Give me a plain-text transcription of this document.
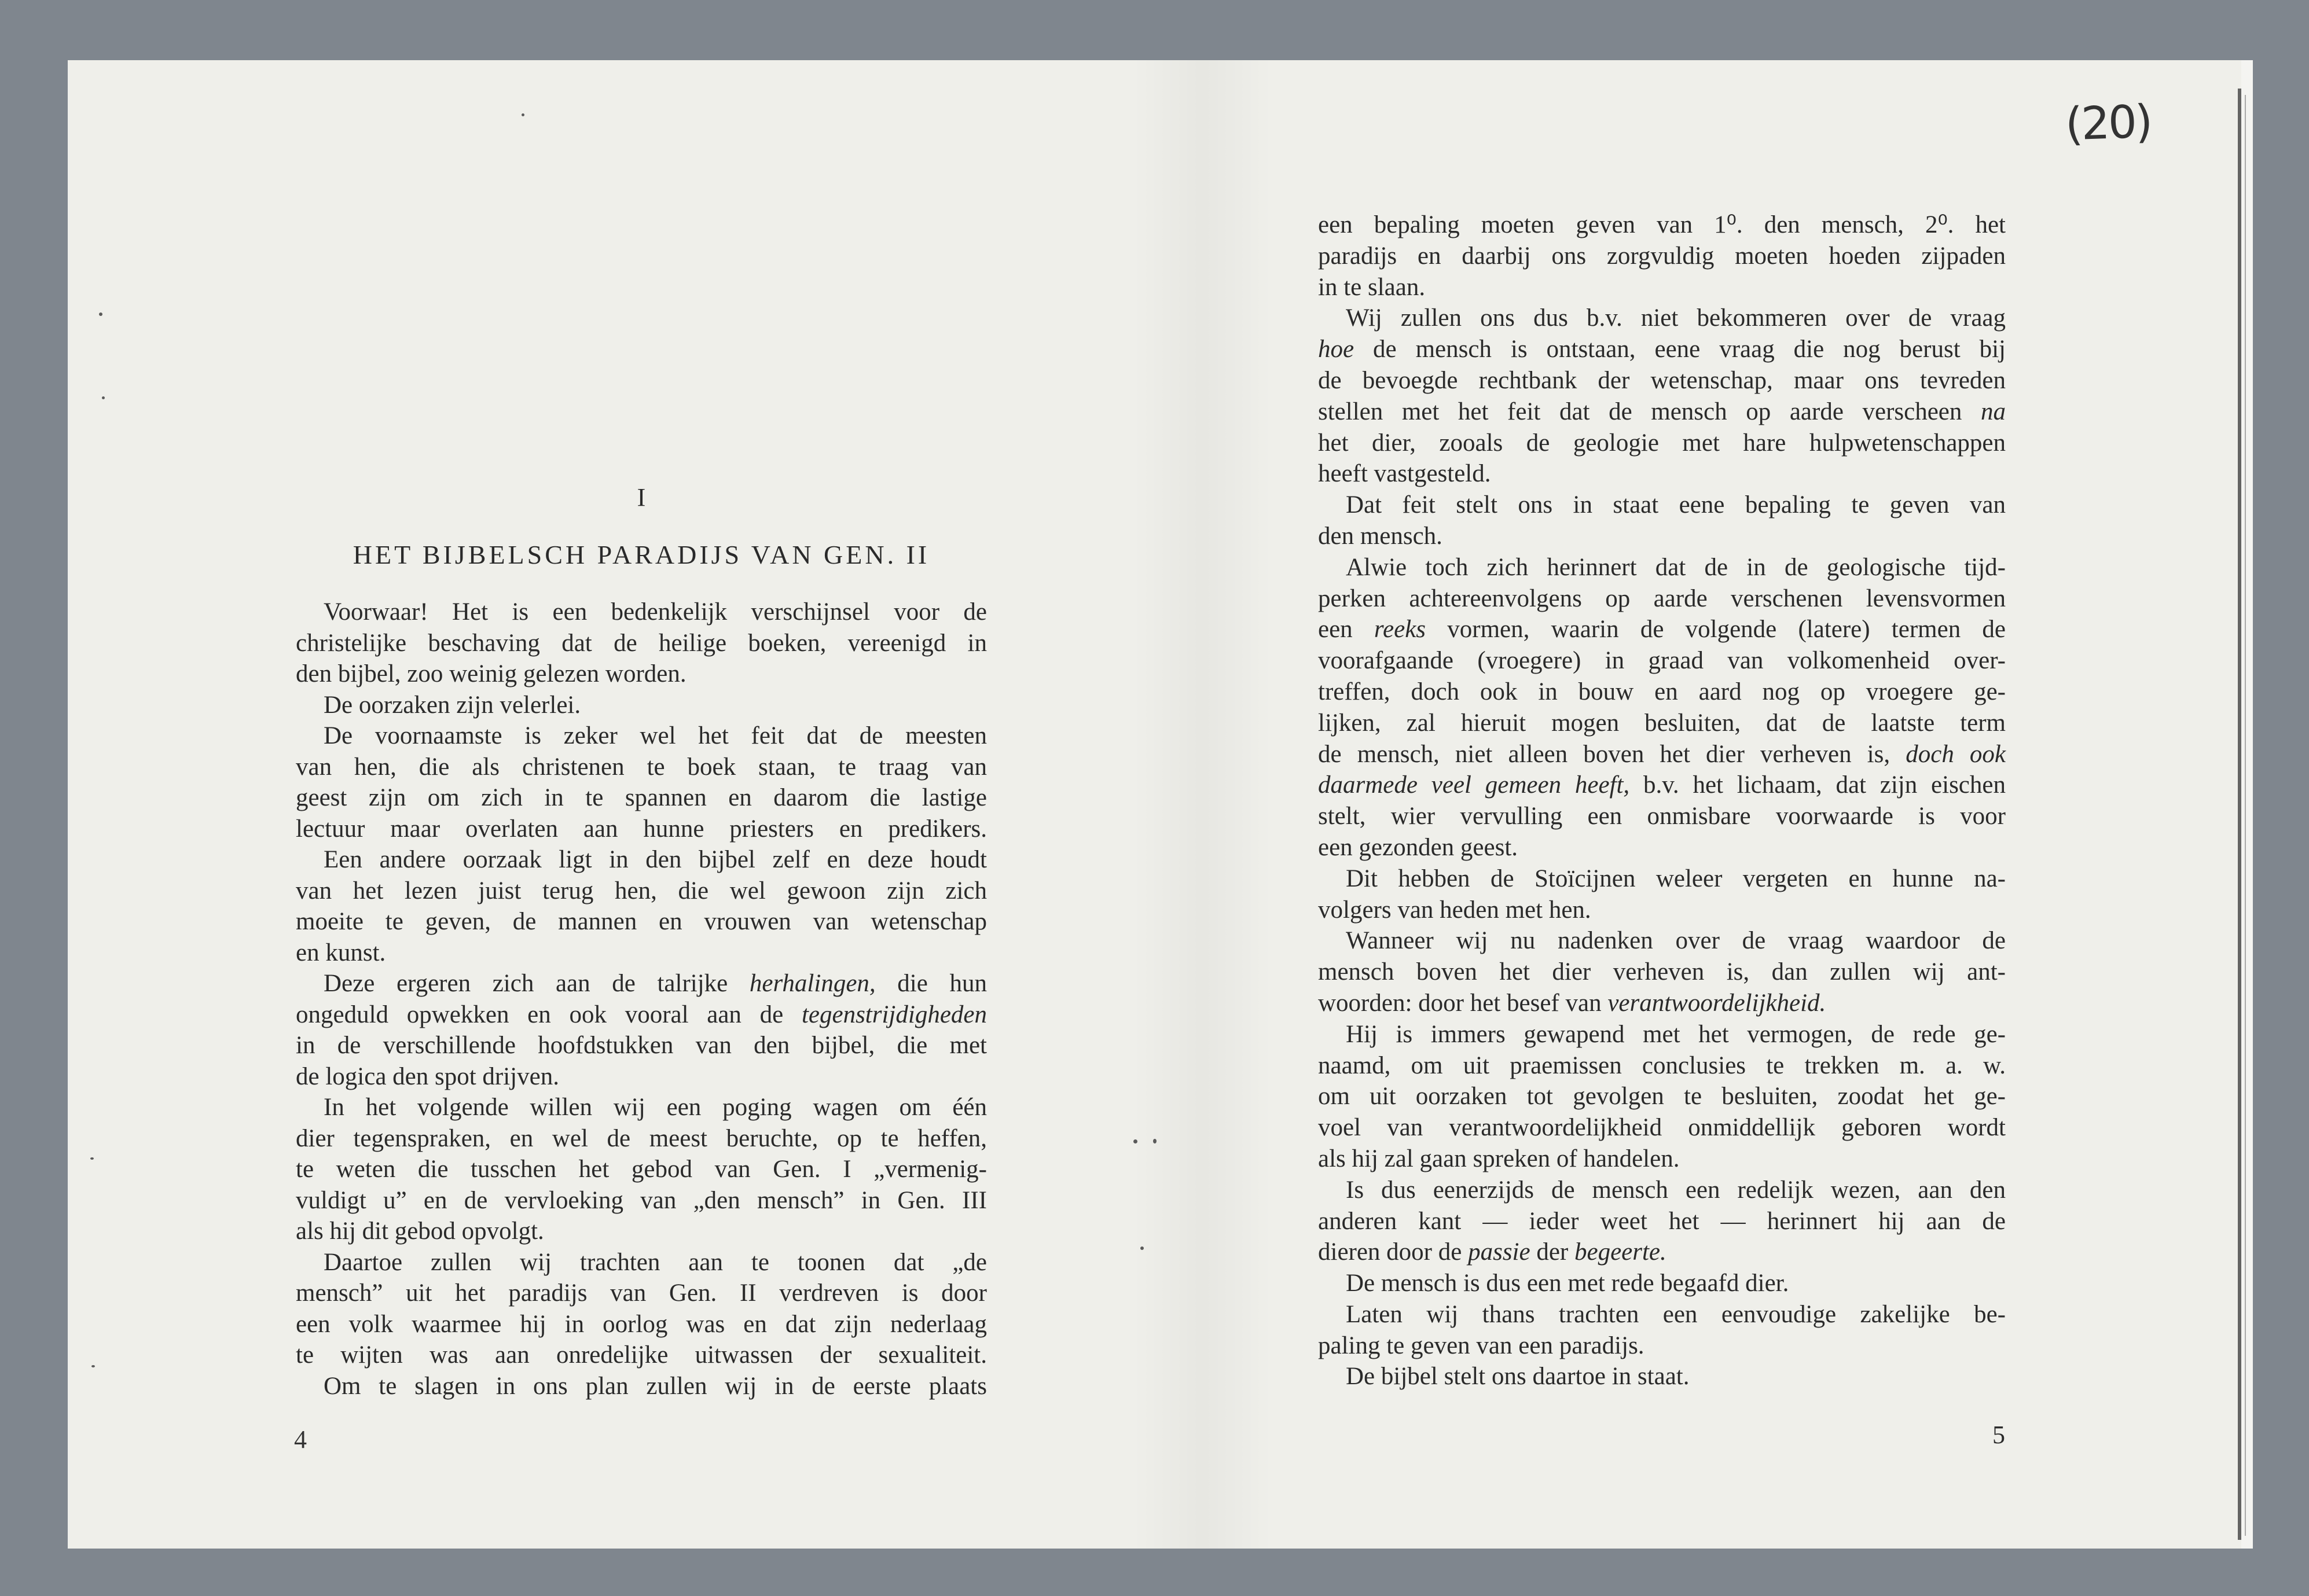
I
HET BIJBELSCH PARADIJS VAN GEN. II
Voorwaar! Het is een bedenkelijk verschijnsel voor de
christelijke beschaving dat de heilige boeken, vereenigd in
den bijbel, zoo weinig gelezen worden.
De oorzaken zijn velerlei.
De voornaamste is zeker wel het feit dat de meesten
van hen, die als christenen te boek staan, te traag van
geest zijn om zich in te spannen en daarom die lastige
lectuur maar overlaten aan hunne priesters en predikers.
Een andere oorzaak ligt in den bijbel zelf en deze houdt
van het lezen juist terug hen, die wel gewoon zijn zich
moeite te geven, de mannen en vrouwen van wetenschap
en kunst.
Deze ergeren zich aan de talrijke herhalingen, die hun
ongeduld opwekken en ook vooral aan de tegenstrijdigheden
in de verschillende hoofdstukken van den bijbel, die met
de logica den spot drijven.
In het volgende willen wij een poging wagen om één
dier tegenspraken, en wel de meest beruchte, op te heffen,
te weten die tusschen het gebod van Gen. I „vermenig-
vuldigt u” en de vervloeking van „den mensch” in Gen. III
als hij dit gebod opvolgt.
Daartoe zullen wij trachten aan te toonen dat „de
mensch” uit het paradijs van Gen. II verdreven is door
een volk waarmee hij in oorlog was en dat zijn nederlaag
te wijten was aan onredelijke uitwassen der sexualiteit.
Om te slagen in ons plan zullen wij in de eerste plaats
4
een bepaling moeten geven van 1⁰. den mensch, 2⁰. het
paradijs en daarbij ons zorgvuldig moeten hoeden zijpaden
in te slaan.
Wij zullen ons dus b.v. niet bekommeren over de vraag
hoe de mensch is ontstaan, eene vraag die nog berust bij
de bevoegde rechtbank der wetenschap, maar ons tevreden
stellen met het feit dat de mensch op aarde verscheen na
het dier, zooals de geologie met hare hulpwetenschappen
heeft vastgesteld.
Dat feit stelt ons in staat eene bepaling te geven van
den mensch.
Alwie toch zich herinnert dat de in de geologische tijd-
perken achtereenvolgens op aarde verschenen levensvormen
een reeks vormen, waarin de volgende (latere) termen de
voorafgaande (vroegere) in graad van volkomenheid over-
treffen, doch ook in bouw en aard nog op vroegere ge-
lijken, zal hieruit mogen besluiten, dat de laatste term
de mensch, niet alleen boven het dier verheven is, doch ook
daarmede veel gemeen heeft, b.v. het lichaam, dat zijn eischen
stelt, wier vervulling een onmisbare voorwaarde is voor
een gezonden geest.
Dit hebben de Stoïcijnen weleer vergeten en hunne na-
volgers van heden met hen.
Wanneer wij nu nadenken over de vraag waardoor de
mensch boven het dier verheven is, dan zullen wij ant-
woorden: door het besef van verantwoordelijkheid.
Hij is immers gewapend met het vermogen, de rede ge-
naamd, om uit praemissen conclusies te trekken m. a. w.
om uit oorzaken tot gevolgen te besluiten, zoodat het ge-
voel van verantwoordelijkheid onmiddellijk geboren wordt
als hij zal gaan spreken of handelen.
Is dus eenerzijds de mensch een redelijk wezen, aan den
anderen kant — ieder weet het — herinnert hij aan de
dieren door de passie der begeerte.
De mensch is dus een met rede begaafd dier.
Laten wij thans trachten een eenvoudige zakelijke be-
paling te geven van een paradijs.
De bijbel stelt ons daartoe in staat.
5
(20)
